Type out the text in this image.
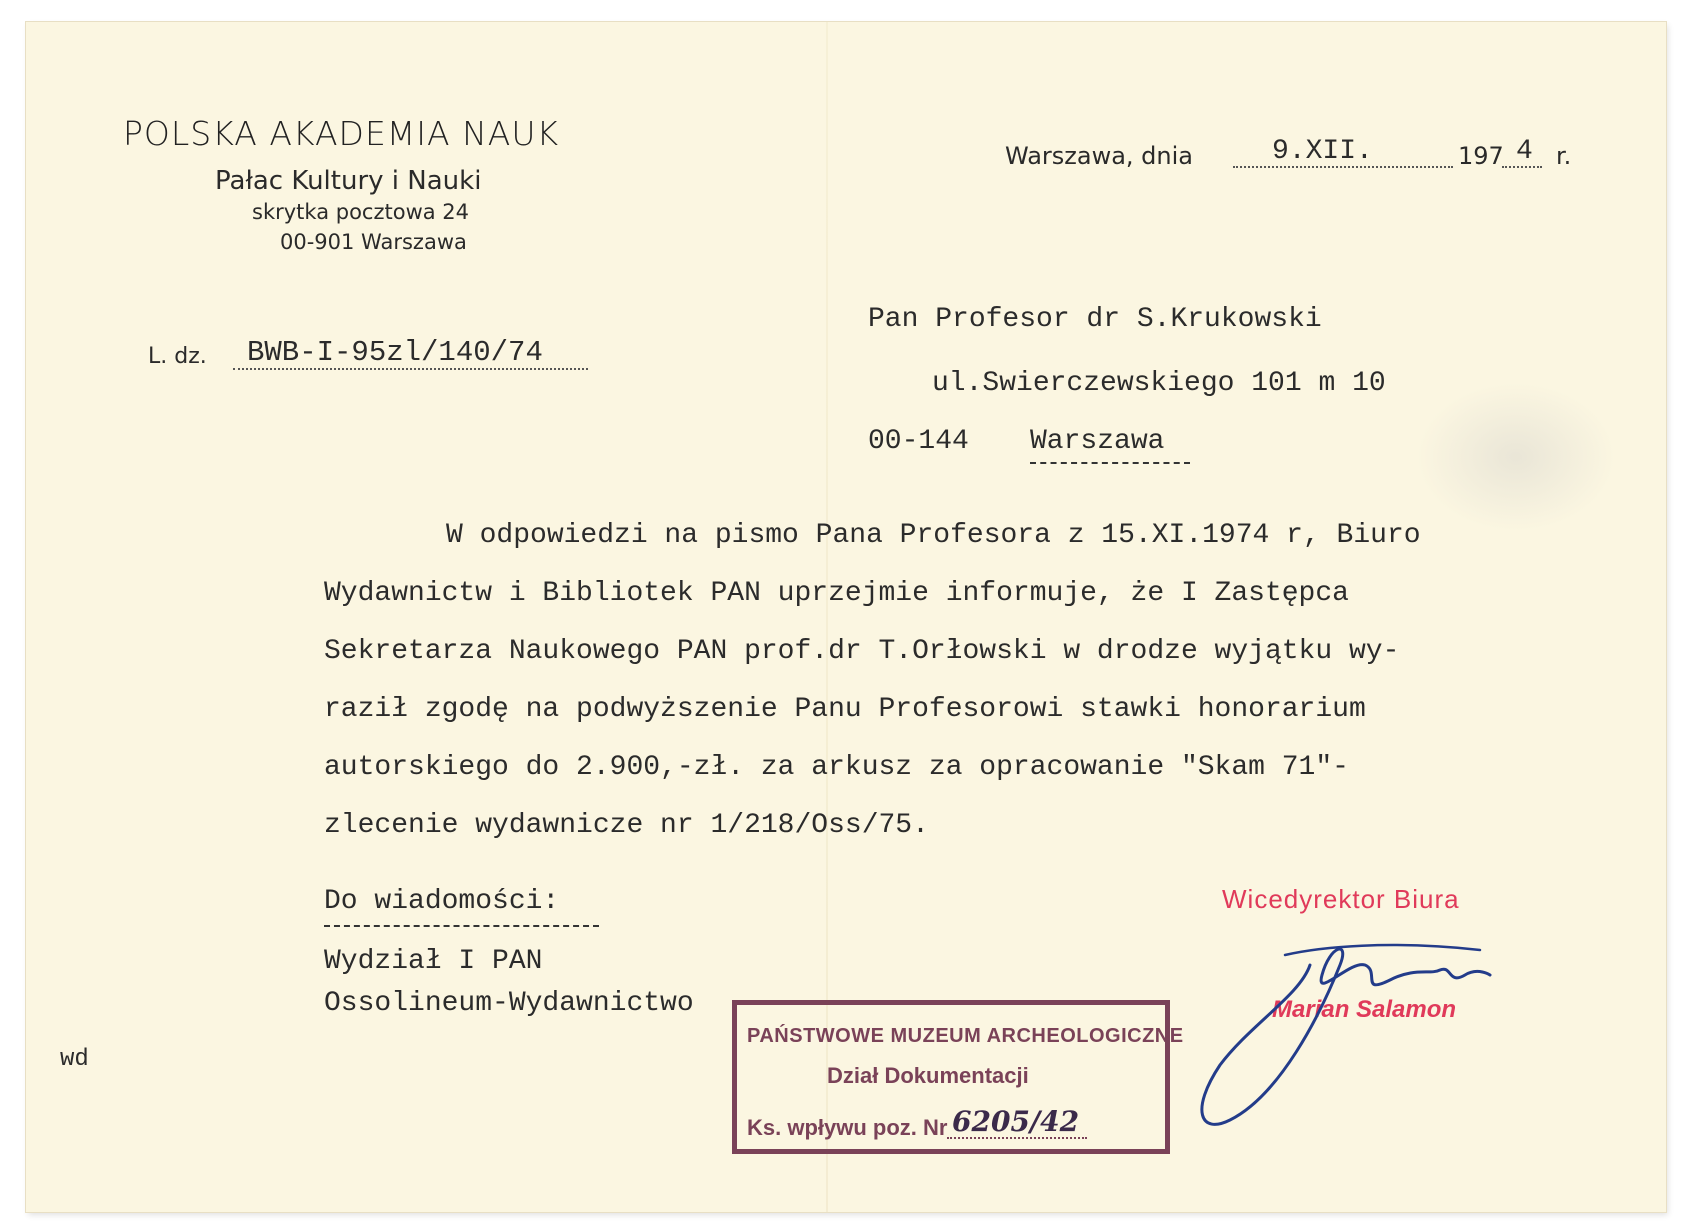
POLSKA AKADEMIA NAUK
Pałac Kultury i Nauki
skrytka pocztowa 24
00-901 Warszawa
Warszawa, dnia	9.XII.	197 4 r.
L. dz. BWB-I-95zl/140/74
Pan Profesor dr S.Krukowski
ul.Swierczewskiego 101 m 10
00-144 Warszawa
W odpowiedzi na pismo Pana Profesora z 15.XI.1974 r, Biuro
Wydawnictw i Bibliotek PAN uprzejmie informuje, że I Zastępca
Sekretarza Naukowego PAN prof.dr T.Orłowski w drodze wyjątku wy-
raził zgodę na podwyższenie Panu Profesorowi stawki honorarium
autorskiego do 2.900,-zł. za arkusz za opracowanie "Skam 71"-
zlecenie wydawnicze nr 1/218/Oss/75.
Do wiadomości:
Wydział I PAN
Ossolineum-Wydawnictwo
wd
Wicedyrektor Biura
Marian Salamon
PAŃSTWOWE MUZEUM ARCHEOLOGICZNE
Dział Dokumentacji
Ks. wpływu poz. Nr 6205/42
